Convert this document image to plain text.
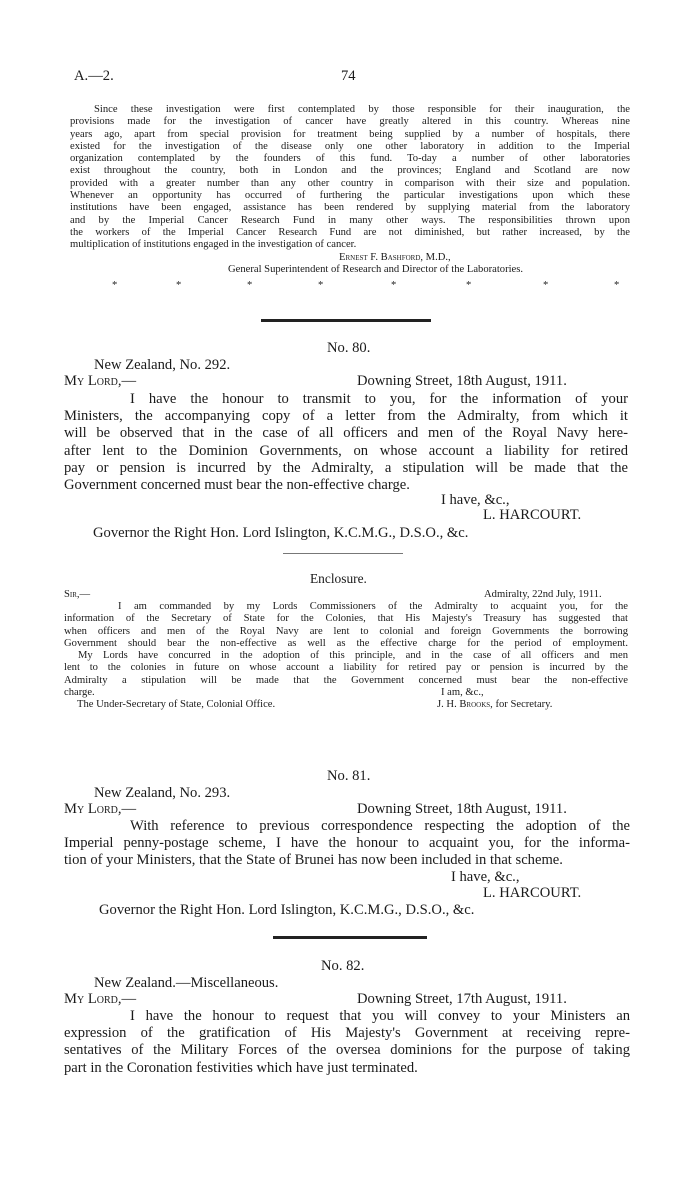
A.—2.	74
Since these investigation were first contemplated by those responsible for their inauguration, the
provisions made for the investigation of cancer have greatly altered in this country. Whereas nine
years ago, apart from special provision for treatment being supplied by a number of hospitals, there
existed for the investigation of the disease only one other laboratory in addition to the Imperial
organization contemplated by the founders of this fund. To-day a number of other laboratories
exist throughout the country, both in London and the provinces; England and Scotland are now
provided with a greater number than any other country in comparison with their size and population.
Whenever an opportunity has occurred of furthering the particular investigations upon which these
institutions have been engaged, assistance has been rendered by supplying material from the laboratory
and by the Imperial Cancer Research Fund in many other ways. The responsibilities thrown upon
the workers of the Imperial Cancer Research Fund are not diminished, but rather increased, by the
multiplication of institutions engaged in the investigation of cancer.
Ernest F. Bashford, M.D.,
General Superintendent of Research and Director of the Laboratories.
*	*	*	*	*	*	*	*
No. 80.
New Zealand, No. 292.
My Lord,—	Downing Street, 18th August, 1911.
I have the honour to transmit to you, for the information of your
Ministers, the accompanying copy of a letter from the Admiralty, from which it
will be observed that in the case of all officers and men of the Royal Navy here-
after lent to the Dominion Governments, on whose account a liability for retired
pay or pension is incurred by the Admiralty, a stipulation will be made that the
Government concerned must bear the non-effective charge.
I have, &c.,
L. HARCOURT.
Governor the Right Hon. Lord Islington, K.C.M.G., D.S.O., &c.
Enclosure.
Sir,—	Admiralty, 22nd July, 1911.
I am commanded by my Lords Commissioners of the Admiralty to acquaint you, for the
information of the Secretary of State for the Colonies, that His Majesty's Treasury has suggested that
when officers and men of the Royal Navy are lent to colonial and foreign Governments the borrowing
Government should bear the non-effective as well as the effective charge for the period of employment.
My Lords have concurred in the adoption of this principle, and in the case of all officers and men
lent to the colonies in future on whose account a liability for retired pay or pension is incurred by the
Admiralty a stipulation will be made that the Government concerned must bear the non-effective
charge.	I am, &c.,
The Under-Secretary of State, Colonial Office.	J. H. Brooks, for Secretary.
No. 81.
New Zealand, No. 293.
My Lord,—	Downing Street, 18th August, 1911.
With reference to previous correspondence respecting the adoption of the
Imperial penny-postage scheme, I have the honour to acquaint you, for the informa-
tion of your Ministers, that the State of Brunei has now been included in that scheme.
I have, &c.,
L. HARCOURT.
Governor the Right Hon. Lord Islington, K.C.M.G., D.S.O., &c.
No. 82.
New Zealand.—Miscellaneous.
My Lord,—	Downing Street, 17th August, 1911.
I have the honour to request that you will convey to your Ministers an
expression of the gratification of His Majesty's Government at receiving repre-
sentatives of the Military Forces of the oversea dominions for the purpose of taking
part in the Coronation festivities which have just terminated.
